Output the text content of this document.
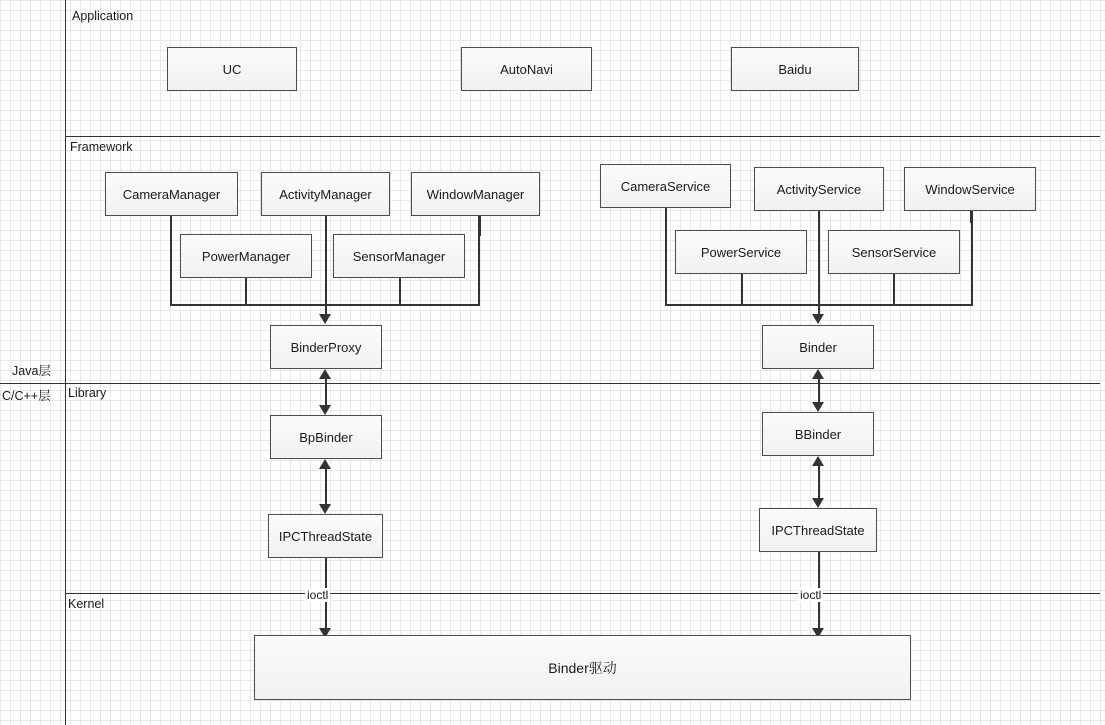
Java层
C/C++层
Application
Framework
Library
Kernel
UC	AutoNavi	Baidu
CameraManager	ActivityManager	WindowManager
PowerManager	SensorManager
CameraService	ActivityService	WindowService
PowerService	SensorService
BinderProxy
BpBinder
IPCThreadState
Binder
BBinder
IPCThreadState
ioctl	ioctl
Binder驱动
